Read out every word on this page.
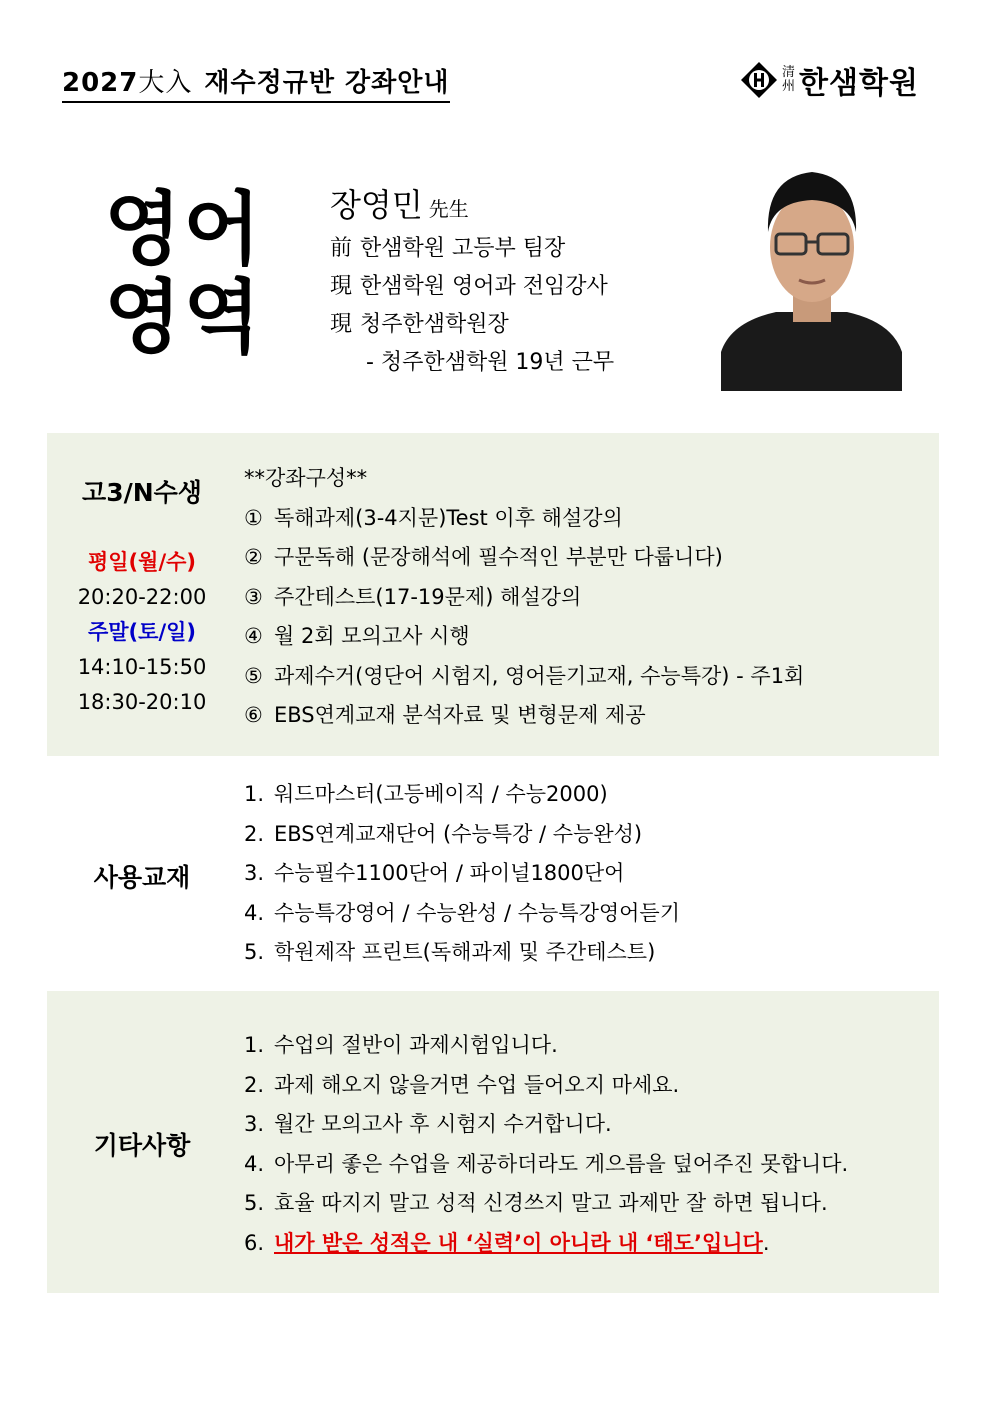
2027大入 재수정규반 강좌안내	清
州 한샘학원
영어
영역
장영민 先生
前 한샘학원 고등부 팀장
現 한샘학원 영어과 전임강사
現 청주한샘학원장
- 청주한샘학원 19년 근무
고3/N수생
평일(월/수)
20:20-22:00
주말(토/일)
14:10-15:50
18:30-20:10
**강좌구성**
① 독해과제(3-4지문)Test 이후 해설강의
② 구문독해 (문장해석에 필수적인 부분만 다룹니다)
③ 주간테스트(17-19문제) 해설강의
④ 월 2회 모의고사 시행
⑤ 과제수거(영단어 시험지, 영어듣기교재, 수능특강) - 주1회
⑥ EBS연계교재 분석자료 및 변형문제 제공
사용교재
1. 워드마스터(고등베이직 / 수능2000)
2. EBS연계교재단어 (수능특강 / 수능완성)
3. 수능필수1100단어 / 파이널1800단어
4. 수능특강영어 / 수능완성 / 수능특강영어듣기
5. 학원제작 프린트(독해과제 및 주간테스트)
기타사항
1. 수업의 절반이 과제시험입니다.
2. 과제 해오지 않을거면 수업 들어오지 마세요.
3. 월간 모의고사 후 시험지 수거합니다.
4. 아무리 좋은 수업을 제공하더라도 게으름을 덮어주진 못합니다.
5. 효율 따지지 말고 성적 신경쓰지 말고 과제만 잘 하면 됩니다.
6. 내가 받은 성적은 내 ‘실력’이 아니라 내 ‘태도’입니다.
